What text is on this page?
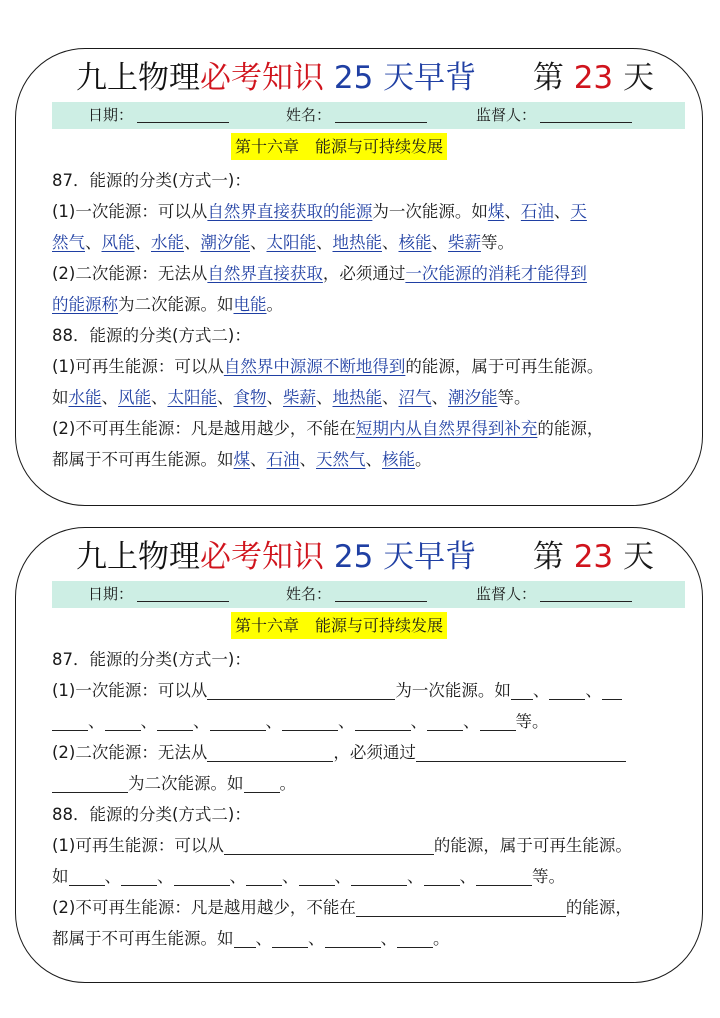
九上物理必考知识 25 天早背 第 23 天
日期：	姓名：	监督人：
第十六章　能源与可持续发展
87．能源的分类(方式一)：
(1)一次能源：可以从自然界直接获取的能源为一次能源。如煤、石油、天
然气、风能、水能、潮汐能、太阳能、地热能、核能、柴薪等。
(2)二次能源：无法从自然界直接获取，必须通过一次能源的消耗才能得到
的能源称为二次能源。如电能。
88．能源的分类(方式二)：
(1)可再生能源：可以从自然界中源源不断地得到的能源，属于可再生能源。
如水能、风能、太阳能、食物、柴薪、地热能、沼气、潮汐能等。
(2)不可再生能源：凡是越用越少，不能在短期内从自然界得到补充的能源，
都属于不可再生能源。如煤、石油、天然气、核能。
九上物理必考知识 25 天早背 第 23 天
日期：	姓名：	监督人：
第十六章　能源与可持续发展
87．能源的分类(方式一)：
(1)一次能源：可以从	为一次能源。如 、 、
、 、 、	、	、	、 、 等。
(2)二次能源：无法从	，必须通过
为二次能源。如 。
88．能源的分类(方式二)：
(1)可再生能源：可以从	的能源，属于可再生能源。
如 、 、	、 、 、	、 、	等。
(2)不可再生能源：凡是越用越少，不能在	的能源，
都属于不可再生能源。如 、 、	、 。
